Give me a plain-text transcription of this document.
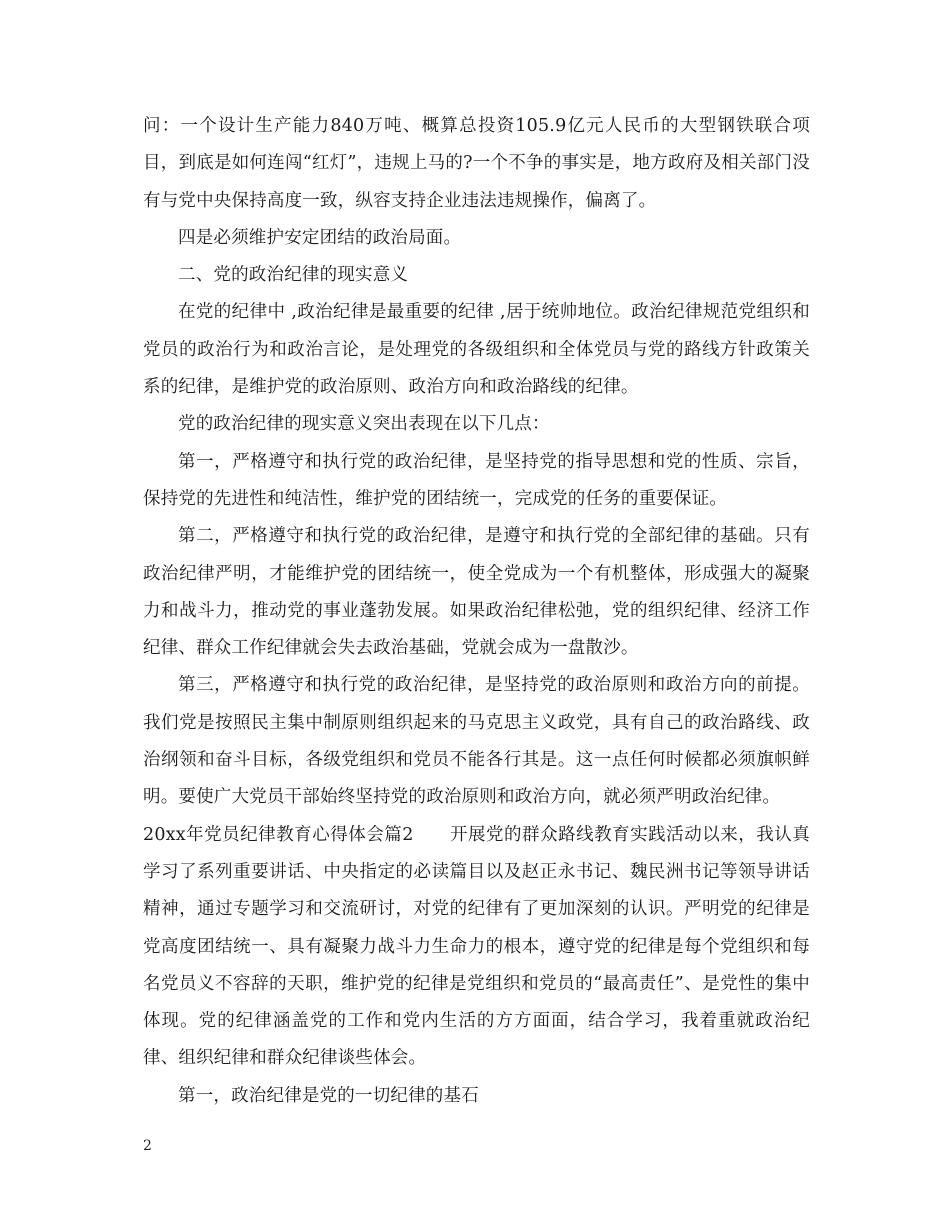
问：一个设计生产能力840万吨、概算总投资105.9亿元人民币的大型钢铁联合项目，到底是如何连闯“红灯”，违规上马的?一个不争的事实是，地方政府及相关部门没有与党中央保持高度一致，纵容支持企业违法违规操作，偏离了。

四是必须维护安定团结的政治局面。

二、党的政治纪律的现实意义

在党的纪律中 ,政治纪律是最重要的纪律 ,居于统帅地位。政治纪律规范党组织和党员的政治行为和政治言论，是处理党的各级组织和全体党员与党的路线方针政策关系的纪律，是维护党的政治原则、政治方向和政治路线的纪律。

党的政治纪律的现实意义突出表现在以下几点：

第一，严格遵守和执行党的政治纪律，是坚持党的指导思想和党的性质、宗旨，保持党的先进性和纯洁性，维护党的团结统一，完成党的任务的重要保证。

第二，严格遵守和执行党的政治纪律，是遵守和执行党的全部纪律的基础。只有政治纪律严明，才能维护党的团结统一，使全党成为一个有机整体，形成强大的凝聚力和战斗力，推动党的事业蓬勃发展。如果政治纪律松弛，党的组织纪律、经济工作纪律、群众工作纪律就会失去政治基础，党就会成为一盘散沙。

第三，严格遵守和执行党的政治纪律，是坚持党的政治原则和政治方向的前提。我们党是按照民主集中制原则组织起来的马克思主义政党，具有自己的政治路线、政治纲领和奋斗目标，各级党组织和党员不能各行其是。这一点任何时候都必须旗帜鲜明。要使广大党员干部始终坚持党的政治原则和政治方向，就必须严明政治纪律。

20xx年党员纪律教育心得体会篇2　　开展党的群众路线教育实践活动以来，我认真学习了系列重要讲话、中央指定的必读篇目以及赵正永书记、魏民洲书记等领导讲话精神，通过专题学习和交流研讨，对党的纪律有了更加深刻的认识。严明党的纪律是党高度团结统一、具有凝聚力战斗力生命力的根本，遵守党的纪律是每个党组织和每名党员义不容辞的天职，维护党的纪律是党组织和党员的“最高责任”、是党性的集中体现。党的纪律涵盖党的工作和党内生活的方方面面，结合学习，我着重就政治纪律、组织纪律和群众纪律谈些体会。

第一，政治纪律是党的一切纪律的基石

2
